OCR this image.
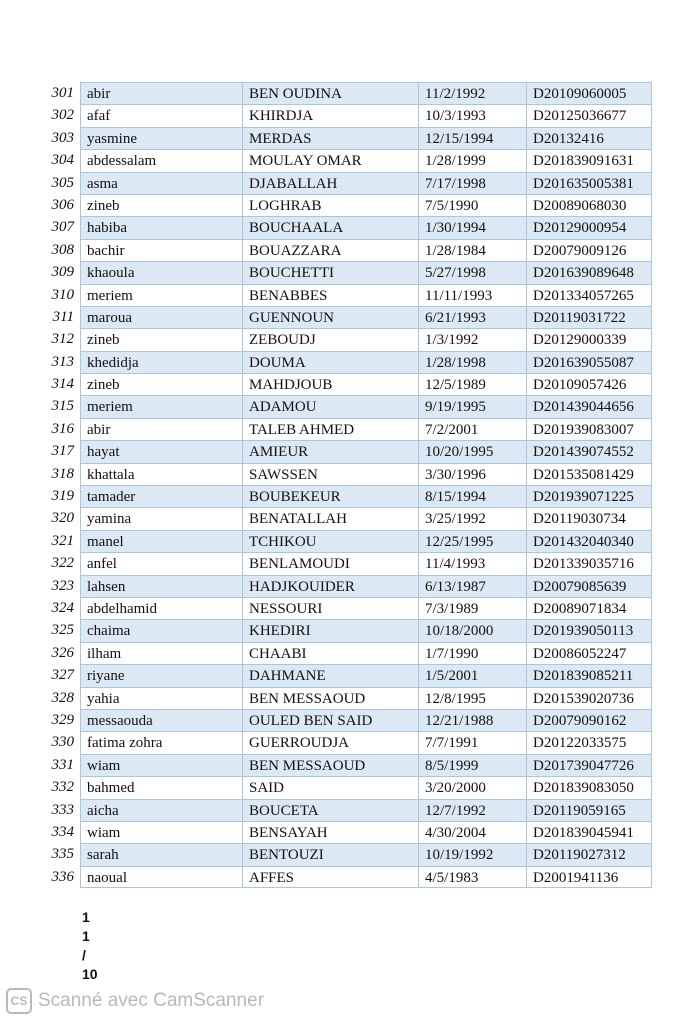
301 abir	BEN OUDINA	11/2/1992	D20109060005
302 afaf	KHIRDJA	10/3/1993	D20125036677
303 yasmine	MERDAS	12/15/1994	D20132416
304 abdessalam	MOULAY OMAR	1/28/1999	D201839091631
305 asma	DJABALLAH	7/17/1998	D201635005381
306 zineb	LOGHRAB	7/5/1990	D20089068030
307 habiba	BOUCHAALA	1/30/1994	D20129000954
308 bachir	BOUAZZARA	1/28/1984	D20079009126
309 khaoula	BOUCHETTI	5/27/1998	D201639089648
310 meriem	BENABBES	11/11/1993	D201334057265
311 maroua	GUENNOUN	6/21/1993	D20119031722
312 zineb	ZEBOUDJ	1/3/1992	D20129000339
313 khedidja	DOUMA	1/28/1998	D201639055087
314 zineb	MAHDJOUB	12/5/1989	D20109057426
315 meriem	ADAMOU	9/19/1995	D201439044656
316 abir	TALEB AHMED	7/2/2001	D201939083007
317 hayat	AMIEUR	10/20/1995	D201439074552
318 khattala	SAWSSEN	3/30/1996	D201535081429
319 tamader	BOUBEKEUR	8/15/1994	D201939071225
320 yamina	BENATALLAH	3/25/1992	D20119030734
321 manel	TCHIKOU	12/25/1995	D201432040340
322 anfel	BENLAMOUDI	11/4/1993	D201339035716
323 lahsen	HADJKOUIDER	6/13/1987	D20079085639
324 abdelhamid	NESSOURI	7/3/1989	D20089071834
325 chaima	KHEDIRI	10/18/2000	D201939050113
326 ilham	CHAABI	1/7/1990	D20086052247
327 riyane	DAHMANE	1/5/2001	D201839085211
328 yahia	BEN MESSAOUD	12/8/1995	D201539020736
329 messaouda	OULED BEN SAID	12/21/1988	D20079090162
330 fatima zohra	GUERROUDJA	7/7/1991	D20122033575
331 wiam	BEN MESSAOUD	8/5/1999	D201739047726
332 bahmed	SAID	3/20/2000	D201839083050
333 aicha	BOUCETA	12/7/1992	D20119059165
334 wiam	BENSAYAH	4/30/2004	D201839045941
335 sarah	BENTOUZI	10/19/1992	D20119027312
336 naoual	AFFES	4/5/1983	D2001941136
1
1
/
10
CS Scanné avec CamScanner
